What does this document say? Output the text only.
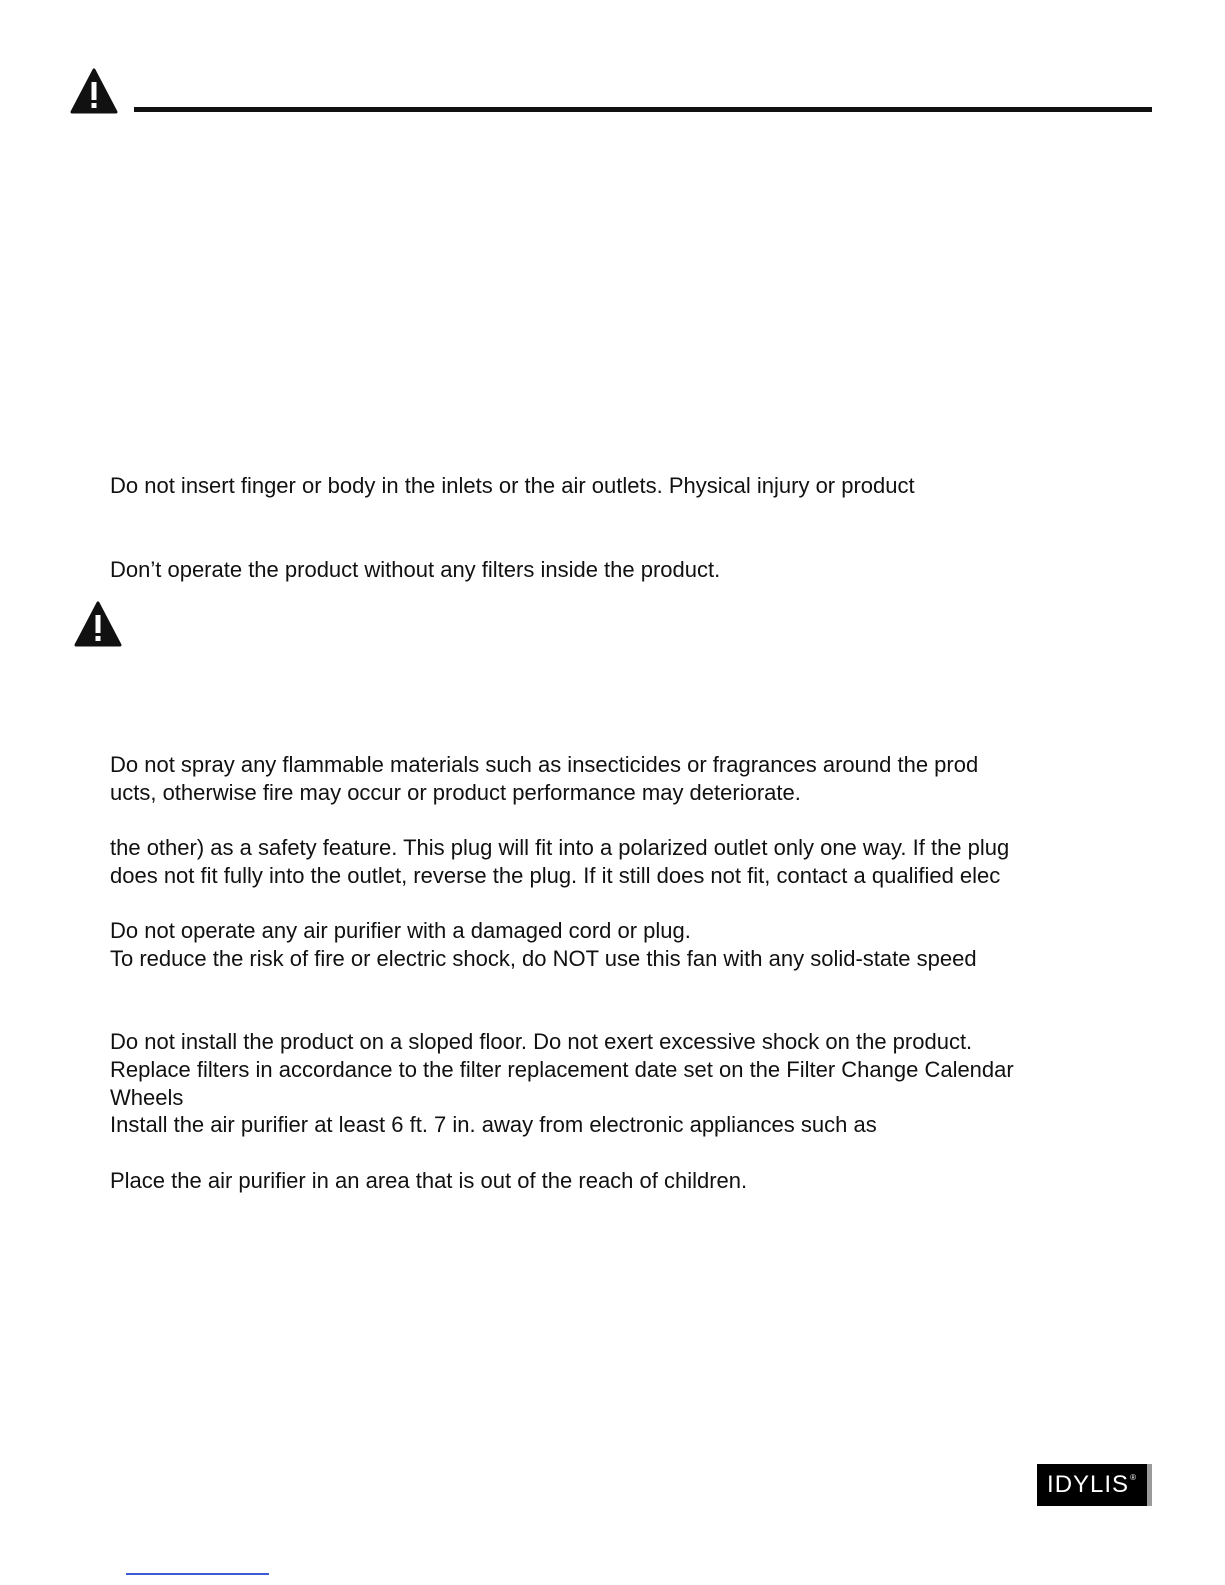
Do not insert finger or body in the inlets or the air outlets. Physical injury or product

Don’t operate the product without any filters inside the product.

Do not spray any flammable materials such as insecticides or fragrances around the prod

ucts, otherwise fire may occur or product performance may deteriorate.

the other) as a safety feature. This plug will fit into a polarized outlet only one way. If the plug

does not fit fully into the outlet, reverse the plug. If it still does not fit, contact a qualified elec

Do not operate any air purifier with a damaged cord or plug.

To reduce the risk of fire or electric shock, do NOT use this fan with any solid-state speed

Do not install the product on a sloped floor. Do not exert excessive shock on the product.

Replace filters in accordance to the filter replacement date set on the Filter Change Calendar

Wheels

Install the air purifier at least 6 ft. 7 in. away from electronic appliances such as

Place the air purifier in an area that is out of the reach of children.

IDYLIS ®
